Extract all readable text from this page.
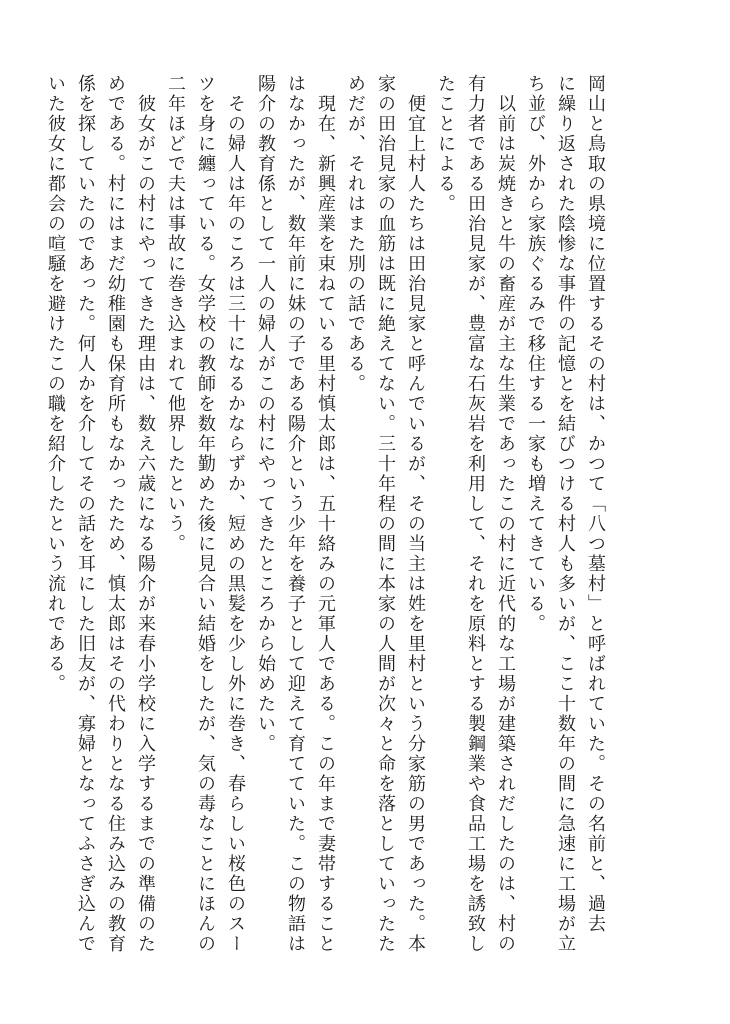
岡山と鳥取の県境に位置するその村は、かつて「八つ墓村」と呼ばれていた。その名前と、過去
に繰り返された陰惨な事件の記憶とを結びつける村人も多いが、ここ十数年の間に急速に工場が立
ち並び、外から家族ぐるみで移住する一家も増えてきている。

　以前は炭焼きと牛の畜産が主な生業であったこの村に近代的な工場が建築されだしたのは、村の
有力者である田治見家が、豊富な石灰岩を利用して、それを原料とする製鋼業や食品工場を誘致し
たことによる。

　便宜上村人たちは田治見家と呼んでいるが、その当主は姓を里村という分家筋の男であった。本
家の田治見家の血筋は既に絶えてない。三十年程の間に本家の人間が次々と命を落としていったた
めだが、それはまた別の話である。

　現在、新興産業を束ねている里村慎太郎は、五十絡みの元軍人である。この年まで妻帯すること
はなかったが、数年前に妹の子である陽介という少年を養子として迎えて育てていた。この物語は
陽介の教育係として一人の婦人がこの村にやってきたところから始めたい。

　その婦人は年のころは三十になるかならずか、短めの黒髪を少し外に巻き、春らしい桜色のスー
ツを身に纏っている。女学校の教師を数年勤めた後に見合い結婚をしたが、気の毒なことにほんの
二年ほどで夫は事故に巻き込まれて他界したという。

　彼女がこの村にやってきた理由は、数え六歳になる陽介が来春小学校に入学するまでの準備のた
めである。村にはまだ幼稚園も保育所もなかったため、慎太郎はその代わりとなる住み込みの教育
係を探していたのであった。何人かを介してその話を耳にした旧友が、寡婦となってふさぎ込んで
いた彼女に都会の喧騒を避けたこの職を紹介したという流れである。
